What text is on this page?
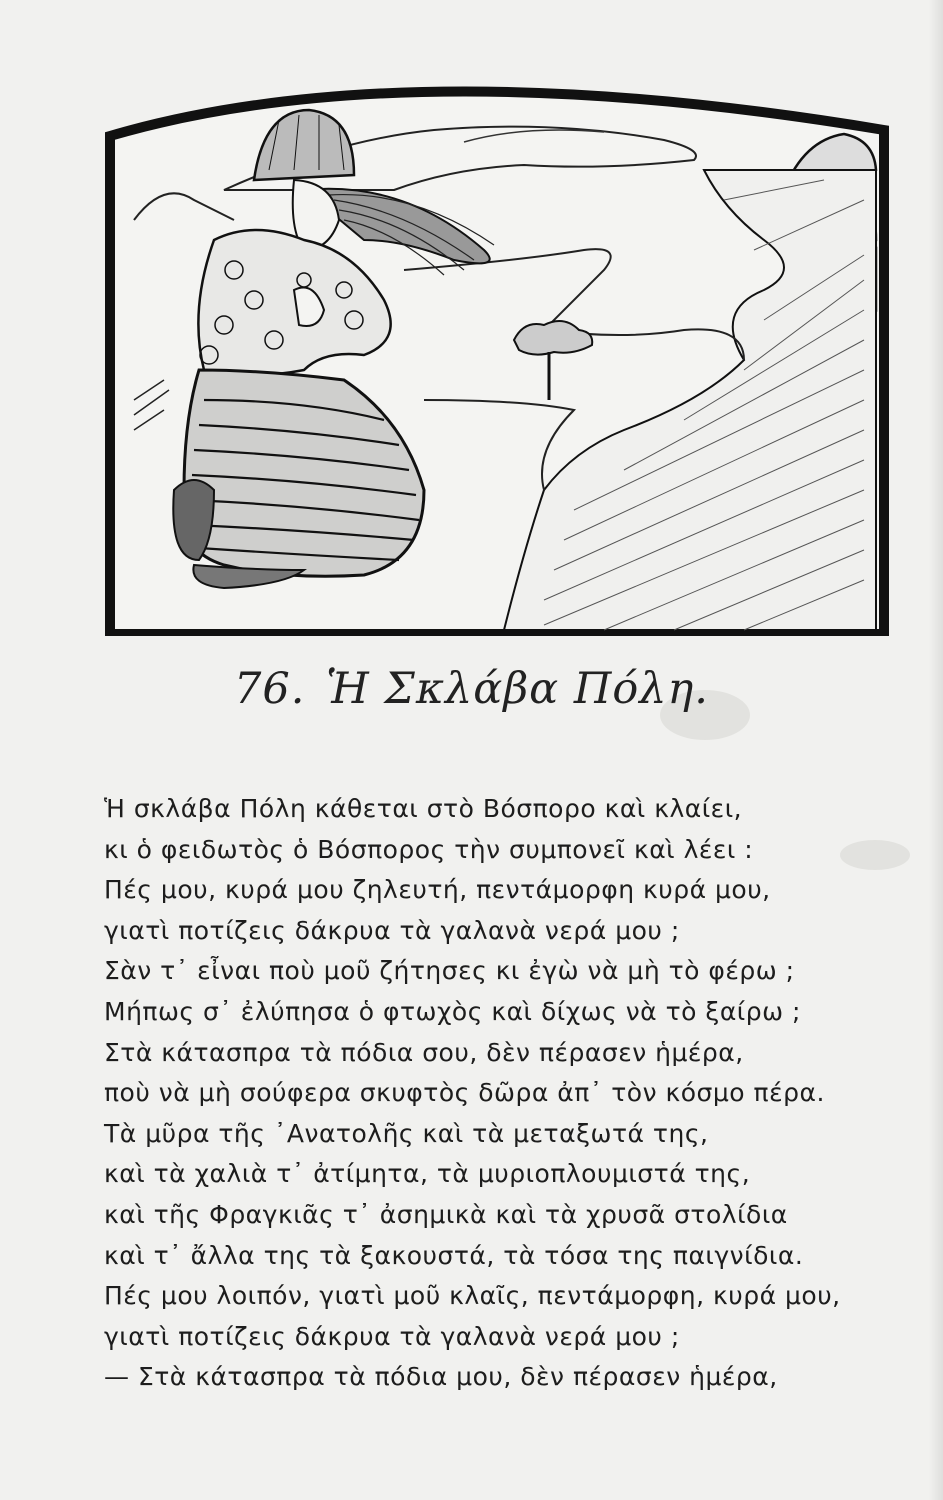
76. Ἡ Σκλάβα Πόλη.
Ἡ σκλάβα Πόλη κάθεται στὸ Βόσπορο καὶ κλαίει,
κι ὁ φειδωτὸς ὁ Βόσπορος τὴν συμπονεῖ καὶ λέει :
Πές μου, κυρά μου ζηλευτή, πεντάμορφη κυρά μου,
γιατὶ ποτίζεις δάκρυα τὰ γαλανὰ νερά μου ;
Σὰν τ᾽ εἶναι ποὺ μοῦ ζήτησες κι ἐγὼ νὰ μὴ τὸ φέρω ;
Μήπως σ᾽ ἐλύπησα ὁ φτωχὸς καὶ δίχως νὰ τὸ ξαίρω ;
Στὰ κάτασπρα τὰ πόδια σου, δὲν πέρασεν ἡμέρα,
ποὺ νὰ μὴ σούφερα σκυφτὸς δῶρα ἀπ᾽ τὸν κόσμο πέρα.
Τὰ μῦρα τῆς ᾽Ανατολῆς καὶ τὰ μεταξωτά της,
καὶ τὰ χαλιὰ τ᾽ ἀτίμητα, τὰ μυριοπλουμιστά της,
καὶ τῆς Φραγκιᾶς τ᾽ ἀσημικὰ καὶ τὰ χρυσᾶ στολίδια
καὶ τ᾽ ἄλλα της τὰ ξακουστά, τὰ τόσα της παιγνίδια.
Πές μου λοιπόν, γιατὶ μοῦ κλαῖς, πεντάμορφη, κυρά μου,
γιατὶ ποτίζεις δάκρυα τὰ γαλανὰ νερά μου ;
— Στὰ κάτασπρα τὰ πόδια μου, δὲν πέρασεν ἡμέρα,
